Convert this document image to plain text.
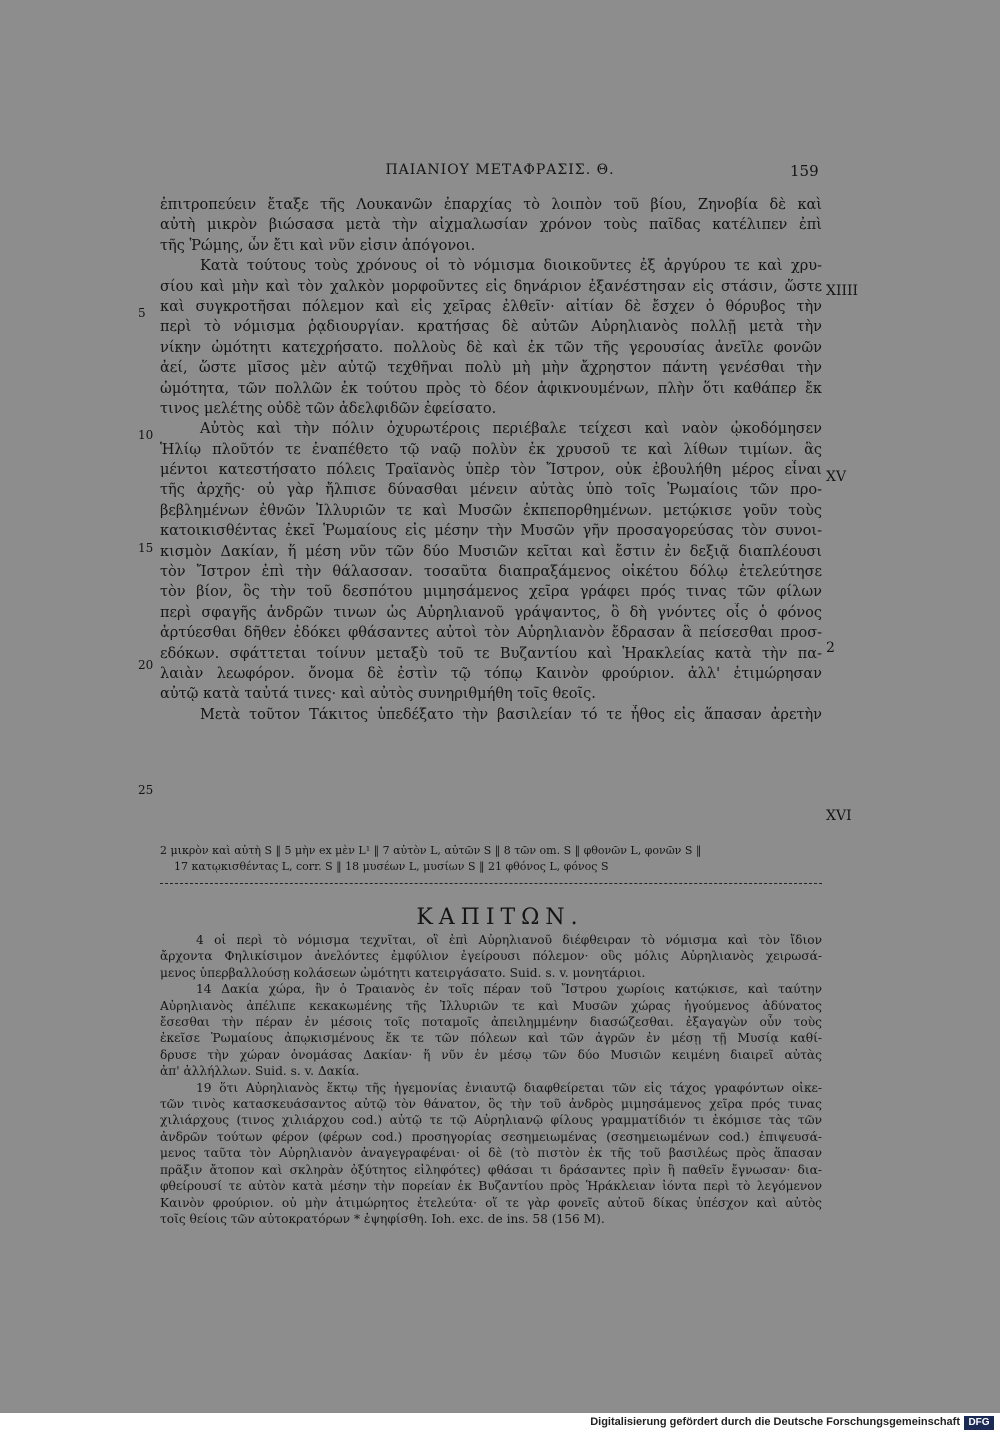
ΠΑΙΑΝΙΟΥ ΜΕΤΑΦΡΑΣΙΣ. Θ.	159
ἐπιτροπεύειν ἔταξε τῆς Λουκανῶν ἐπαρχίας τὸ λοιπὸν τοῦ βίου, Ζηνοβία δὲ καὶ
αὐτὴ μικρὸν βιώσασα μετὰ τὴν αἰχμαλωσίαν χρόνον τοὺς παῖδας κατέλιπεν ἐπὶ
τῆς Ῥώμης, ὧν ἔτι καὶ νῦν εἰσιν ἀπόγονοι.
Κατὰ τούτους τοὺς χρόνους οἱ τὸ νόμισμα διοικοῦντες ἐξ ἀργύρου τε καὶ χρυ-
σίου καὶ μὴν καὶ τὸν χαλκὸν μορφοῦντες εἰς δηνάριον ἐξανέστησαν εἰς στάσιν, ὥστε
καὶ συγκροτῆσαι πόλεμον καὶ εἰς χεῖρας ἐλθεῖν· αἰτίαν δὲ ἔσχεν ὁ θόρυβος τὴν
περὶ τὸ νόμισμα ῥᾳδιουργίαν. κρατήσας δὲ αὐτῶν Αὐρηλιανὸς πολλῇ μετὰ τὴν
νίκην ὠμότητι κατεχρήσατο. πολλοὺς δὲ καὶ ἐκ τῶν τῆς γερουσίας ἀνεῖλε φονῶν
ἀεί, ὥστε μῖσος μὲν αὐτῷ τεχθῆναι πολὺ μὴ μὴν ἄχρηστον πάντη γενέσθαι τὴν
ὠμότητα, τῶν πολλῶν ἐκ τούτου πρὸς τὸ δέον ἀφικνουμένων, πλὴν ὅτι καθάπερ ἔκ
τινος μελέτης οὐδὲ τῶν ἀδελφιδῶν ἐφείσατο.
Αὐτὸς καὶ τὴν πόλιν ὀχυρωτέροις περιέβαλε τείχεσι καὶ ναὸν ᾠκοδόμησεν
Ἡλίῳ πλοῦτόν τε ἐναπέθετο τῷ ναῷ πολὺν ἐκ χρυσοῦ τε καὶ λίθων τιμίων. ἃς
μέντοι κατεστήσατο πόλεις Τραϊανὸς ὑπὲρ τὸν Ἴστρον, οὐκ ἐβουλήθη μέρος εἶναι
τῆς ἀρχῆς· οὐ γὰρ ἤλπισε δύνασθαι μένειν αὐτὰς ὑπὸ τοῖς Ῥωμαίοις τῶν προ-
βεβλημένων ἐθνῶν Ἰλλυριῶν τε καὶ Μυσῶν ἐκπεπορθημένων. μετῴκισε γοῦν τοὺς
κατοικισθέντας ἐκεῖ Ῥωμαίους εἰς μέσην τὴν Μυσῶν γῆν προσαγορεύσας τὸν συνοι-
κισμὸν Δακίαν, ἥ μέση νῦν τῶν δύο Μυσιῶν κεῖται καὶ ἔστιν ἐν δεξιᾷ διαπλέουσι
τὸν Ἴστρον ἐπὶ τὴν θάλασσαν. τοσαῦτα διαπραξάμενος οἰκέτου δόλῳ ἐτελεύτησε
τὸν βίον, ὃς τὴν τοῦ δεσπότου μιμησάμενος χεῖρα γράφει πρός τινας τῶν φίλων
περὶ σφαγῆς ἀνδρῶν τινων ὡς Αὐρηλιανοῦ γράψαντος, ὃ δὴ γνόντες οἷς ὁ φόνος
ἀρτύεσθαι δῆθεν ἐδόκει φθάσαντες αὐτοὶ τὸν Αὐρηλιανὸν ἔδρασαν ἃ πείσεσθαι προσ-
εδόκων. σφάττεται τοίνυν μεταξὺ τοῦ τε Βυζαντίου καὶ Ἡρακλείας κατὰ τὴν πα-
λαιὰν λεωφόρον. ὄνομα δὲ ἐστὶν τῷ τόπῳ Καινὸν φρούριον. ἀλλ' ἐτιμώρησαν
αὐτῷ κατὰ ταὐτά τινες· καὶ αὐτὸς συνηριθμήθη τοῖς θεοῖς.
Μετὰ τοῦτον Τάκιτος ὑπεδέξατο τὴν βασιλείαν τό τε ἦθος εἰς ἅπασαν ἀρετὴν
5
10
15
20
25
XIIII
XV
2
XVI
2 μικρὸν καὶ αὐτὴ S ‖ 5 μὴν ex μὲν L¹ ‖ 7 αὐτὸν L, αὐτῶν S ‖ 8 τῶν om. S ‖ φθονῶν L, φονῶν S ‖
17 κατῳκισθέντας L, corr. S ‖ 18 μυσέων L, μυσίων S ‖ 21 φθόνος L, φόνος S
ΚΑΠΙΤΩΝ.
4 οἱ περὶ τὸ νόμισμα τεχνῖται, οἳ ἐπὶ Αὐρηλιανοῦ διέφθειραν τὸ νόμισμα καὶ τὸν ἴδιον
ἄρχοντα Φηλικίσιμον ἀνελόντες ἐμφύλιον ἐγείρουσι πόλεμον· οὓς μόλις Αὐρηλιανὸς χειρωσά-
μενος ὑπερβαλλούσῃ κολάσεων ὠμότητι κατειργάσατο. Suid. s. v. μονητάριοι.
14 Δακία χώρα, ἣν ὁ Τραιανὸς ἐν τοῖς πέραν τοῦ Ἴστρου χωρίοις κατῴκισε, καὶ ταύτην
Αὐρηλιανὸς ἀπέλιπε κεκακωμένης τῆς Ἰλλυριῶν τε καὶ Μυσῶν χώρας ἡγούμενος ἀδύνατος
ἔσεσθαι τὴν πέραν ἐν μέσοις τοῖς ποταμοῖς ἀπειλημμένην διασώζεσθαι. ἐξαγαγὼν οὖν τοὺς
ἐκεῖσε Ῥωμαίους ἀπῳκισμένους ἔκ τε τῶν πόλεων καὶ τῶν ἀγρῶν ἐν μέσῃ τῇ Μυσίᾳ καθί-
δρυσε τὴν χώραν ὀνομάσας Δακίαν· ἥ νῦν ἐν μέσῳ τῶν δύο Μυσιῶν κειμένη διαιρεῖ αὐτὰς
ἀπ' ἀλλήλλων. Suid. s. v. Δακία.
19 ὅτι Αὐρηλιανὸς ἕκτῳ τῆς ἡγεμονίας ἐνιαυτῷ διαφθείρεται τῶν εἰς τάχος γραφόντων οἰκε-
τῶν τινὸς κατασκευάσαντος αὐτῷ τὸν θάνατον, ὃς τὴν τοῦ ἀνδρὸς μιμησάμενος χεῖρα πρός τινας
χιλιάρχους (τινος χιλιάρχου cod.) αὐτῷ τε τῷ Αὐρηλιανῷ φίλους γραμματίδιόν τι ἐκόμισε τὰς τῶν
ἀνδρῶν τούτων φέρον (φέρων cod.) προσηγορίας σεσημειωμένας (σεσημειωμένων cod.) ἐπιψευσά-
μενος ταῦτα τὸν Αὐρηλιανὸν ἀναγεγραφέναι· οἱ δὲ (τὸ πιστὸν ἐκ τῆς τοῦ βασιλέως πρὸς ἅπασαν
πρᾶξιν ἄτοπον καὶ σκληρὰν ὀξύτητος εἰληφότες) φθάσαι τι δράσαντες πρὶν ἢ παθεῖν ἔγνωσαν· δια-
φθείρουσί τε αὐτὸν κατὰ μέσην τὴν πορείαν ἐκ Βυζαντίου πρὸς Ἡράκλειαν ἰόντα περὶ τὸ λεγόμενον
Καινὸν φρούριον. οὐ μὴν ἀτιμώρητος ἐτελεύτα· οἵ τε γὰρ φονεῖς αὐτοῦ δίκας ὑπέσχον καὶ αὐτὸς
τοῖς θείοις τῶν αὐτοκρατόρων * ἐψηφίσθη. Ioh. exc. de ins. 58 (156 M).
Digitalisierung gefördert durch die Deutsche Forschungsgemeinschaft DFG
